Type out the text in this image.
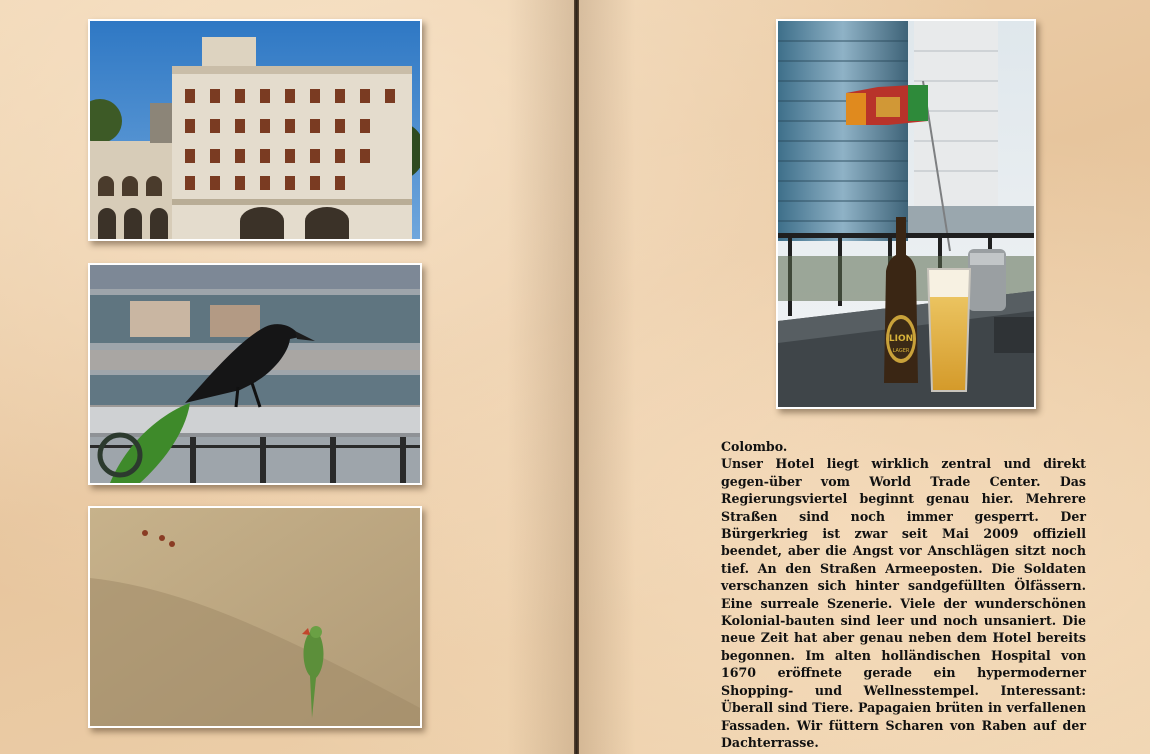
LION
LAGER
Colombo.
Unser Hotel liegt wirklich zentral und direkt gegen-über vom World Trade Center. Das Regierungsviertel beginnt genau hier. Mehrere Straßen sind noch immer gesperrt. Der Bürgerkrieg ist zwar seit Mai 2009 offiziell beendet, aber die Angst vor Anschlägen sitzt noch tief. An den Straßen Armeeposten. Die Soldaten verschanzen sich hinter sandgefüllten Ölfässern. Eine surreale Szenerie. Viele der wunderschönen Kolonial-bauten sind leer und noch unsaniert. Die neue Zeit hat aber genau neben dem Hotel bereits begonnen. Im alten holländischen Hospital von 1670 eröffnete gerade ein hypermoderner Shopping- und Wellnesstempel. Interessant: Überall sind Tiere. Papagaien brüten in verfallenen Fassaden. Wir füttern Scharen von Raben auf der Dachterrasse.
